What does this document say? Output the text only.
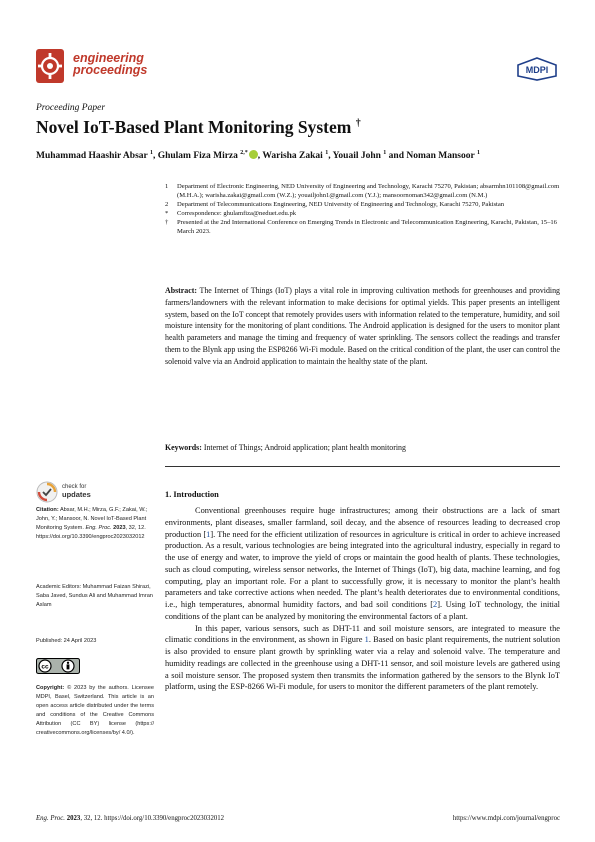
engineering
proceedings	MDPI
Proceeding Paper
Novel IoT-Based Plant Monitoring System †
Muhammad Haashir Absar $^1$, Ghulam Fiza Mirza $^{2,*}$ , Warisha Zakai $^1$, Youail John $^1$ and Noman Mansoor $^1$
1	Department of Electronic Engineering, NED University of Engineering and Technology, Karachi 75270, Pakistan; absarmhn101108@gmail.com (M.H.A.); warisha.zakai@gmail.com (W.Z.); youailjohn1@gmail.com (Y.J.); mansoornoman342@gmail.com (N.M.)
2	Department of Telecommunications Engineering, NED University of Engineering and Technology, Karachi 75270, Pakistan
*	Correspondence: ghulamfiza@neduet.edu.pk
†	Presented at the 2nd International Conference on Emerging Trends in Electronic and Telecommunication Engineering, Karachi, Pakistan, 15–16 March 2023.
Abstract: The Internet of Things (IoT) plays a vital role in improving cultivation methods for greenhouses and providing farmers/landowners with the relevant information to make decisions for optimal yields. This paper presents an intelligent system, based on the IoT concept that remotely provides users with information related to the temperature, humidity, and soil moisture intensity for the monitoring of plant conditions. The Android application is designed for the users to monitor plant health parameters and manage the timing and frequency of water sprinkling. The sensors collect the readings and transfer them to the Blynk app using the ESP8266 Wi-Fi module. Based on the critical condition of the plant, the user can control the solenoid valve via an Android application to maintain the healthy state of the plant.
Keywords: Internet of Things; Android application; plant health monitoring
1. Introduction

Conventional greenhouses require huge infrastructures; among their obstructions are a lack of smart environments, plant diseases, smaller farmland, soil decay, and the absence of resources leading to decreased crop production [1]. The need for the efficient utilization of resources in agriculture is critical in order to achieve increased production. As a result, various technologies are being integrated into the agricultural industry, especially in regard to the use of energy and water, to improve the yield of crops or maintain the good health of plants. These technologies, such as cloud computing, wireless sensor networks, the Internet of Things (IoT), big data, machine learning, and fog computing, play an important role. For a plant to successfully grow, it is necessary to monitor the plant’s health parameters and take corrective actions when needed. The plant’s health deteriorates due to environmental conditions, i.e., high temperatures, abnormal humidity factors, and bad soil conditions [2]. Using IoT technology, the initial conditions of the plant can be analyzed by monitoring the environmental factors of a plant.

In this paper, various sensors, such as DHT-11 and soil moisture sensors, are integrated to measure the climatic conditions in the environment, as shown in Figure 1. Based on basic plant requirements, the nutrient solution is also provided to ensure plant growth by sprinkling water via a relay and solenoid valve. The temperature and humidity readings are collected in the greenhouse using a DHT-11 sensor, and soil moisture levels are gathered using a soil moisture sensor. The proposed system then transmits the information gathered by the sensors to the Blynk IoT platform, using the ESP-8266 Wi-Fi module, for users to monitor the different parameters of the plant remotely.

check for
updates
Citation: Absar, M.H.; Mirza, G.F.; Zakai, W.; John, Y.; Mansoor, N. Novel IoT-Based Plant Monitoring System. Eng. Proc. 2023, 32, 12. https://doi.org/10.3390/engproc2023032012
Academic Editors: Muhammad Faizan Shirazi, Saba Javed, Sundus Ali and Muhammad Imran Aslam
Published: 24 April 2023
cc
Copyright: © 2023 by the authors. Licensee MDPI, Basel, Switzerland. This article is an open access article distributed under the terms and conditions of the Creative Commons Attribution (CC BY) license (https:// creativecommons.org/licenses/by/ 4.0/).
Eng. Proc. 2023, 32, 12. https://doi.org/10.3390/engproc2023032012	https://www.mdpi.com/journal/engproc
